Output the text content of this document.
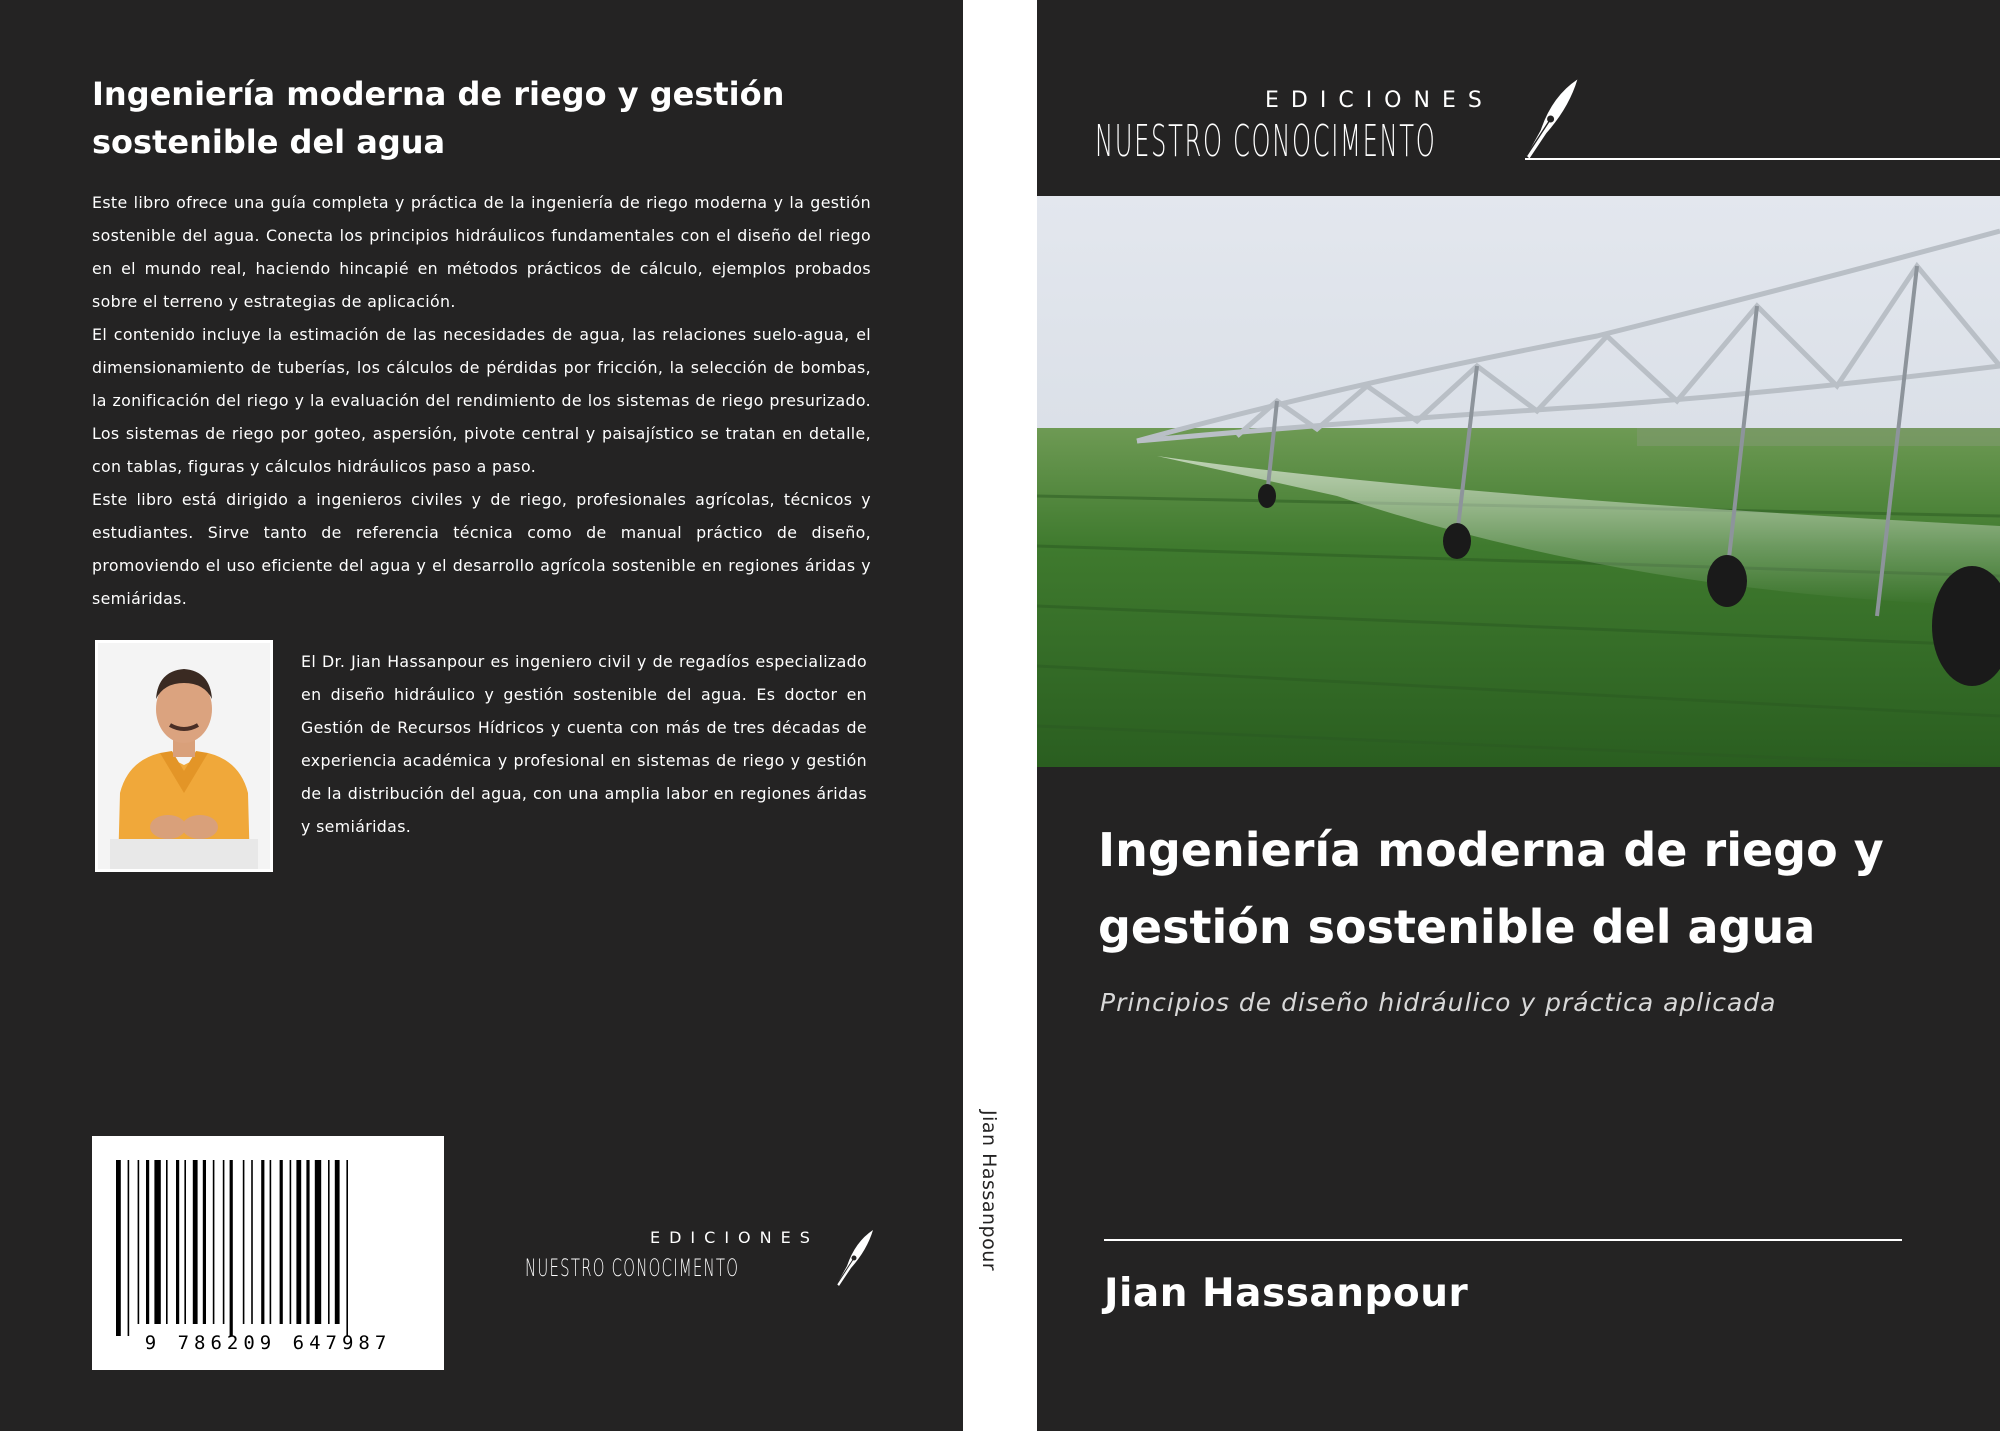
Ingeniería moderna de riego y gestión sostenible del agua

Este libro ofrece una guía completa y práctica de la ingeniería de riego moderna y la gestión sostenible del agua. Conecta los principios hidráulicos fundamentales con el diseño del riego en el mundo real, haciendo hincapié en métodos prácticos de cálculo, ejemplos probados sobre el terreno y estrategias de aplicación.

El contenido incluye la estimación de las necesidades de agua, las relaciones suelo-agua, el dimensionamiento de tuberías, los cálculos de pérdidas por fricción, la selección de bombas, la zonificación del riego y la evaluación del rendimiento de los sistemas de riego presurizado. Los sistemas de riego por goteo, aspersión, pivote central y paisajístico se tratan en detalle, con tablas, figuras y cálculos hidráulicos paso a paso.

Este libro está dirigido a ingenieros civiles y de riego, profesionales agrícolas, técnicos y estudiantes. Sirve tanto de referencia técnica como de manual práctico de diseño, promoviendo el uso eficiente del agua y el desarrollo agrícola sostenible en regiones áridas y semiáridas.

El Dr. Jian Hassanpour es ingeniero civil y de regadíos especializado en diseño hidráulico y gestión sostenible del agua. Es doctor en Gestión de Recursos Hídricos y cuenta con más de tres décadas de experiencia académica y profesional en sistemas de riego y gestión de la distribución del agua, con una amplia labor en regiones áridas y semiáridas.

9 786209 647987
EDICIONES
NUESTRO CONOCIMENTO	Jian Hassanpour
EDICIONES
NUESTRO CONOCIMENTO
Ingeniería moderna de riego y gestión sostenible del agua

Principios de diseño hidráulico y práctica aplicada

Jian Hassanpour
